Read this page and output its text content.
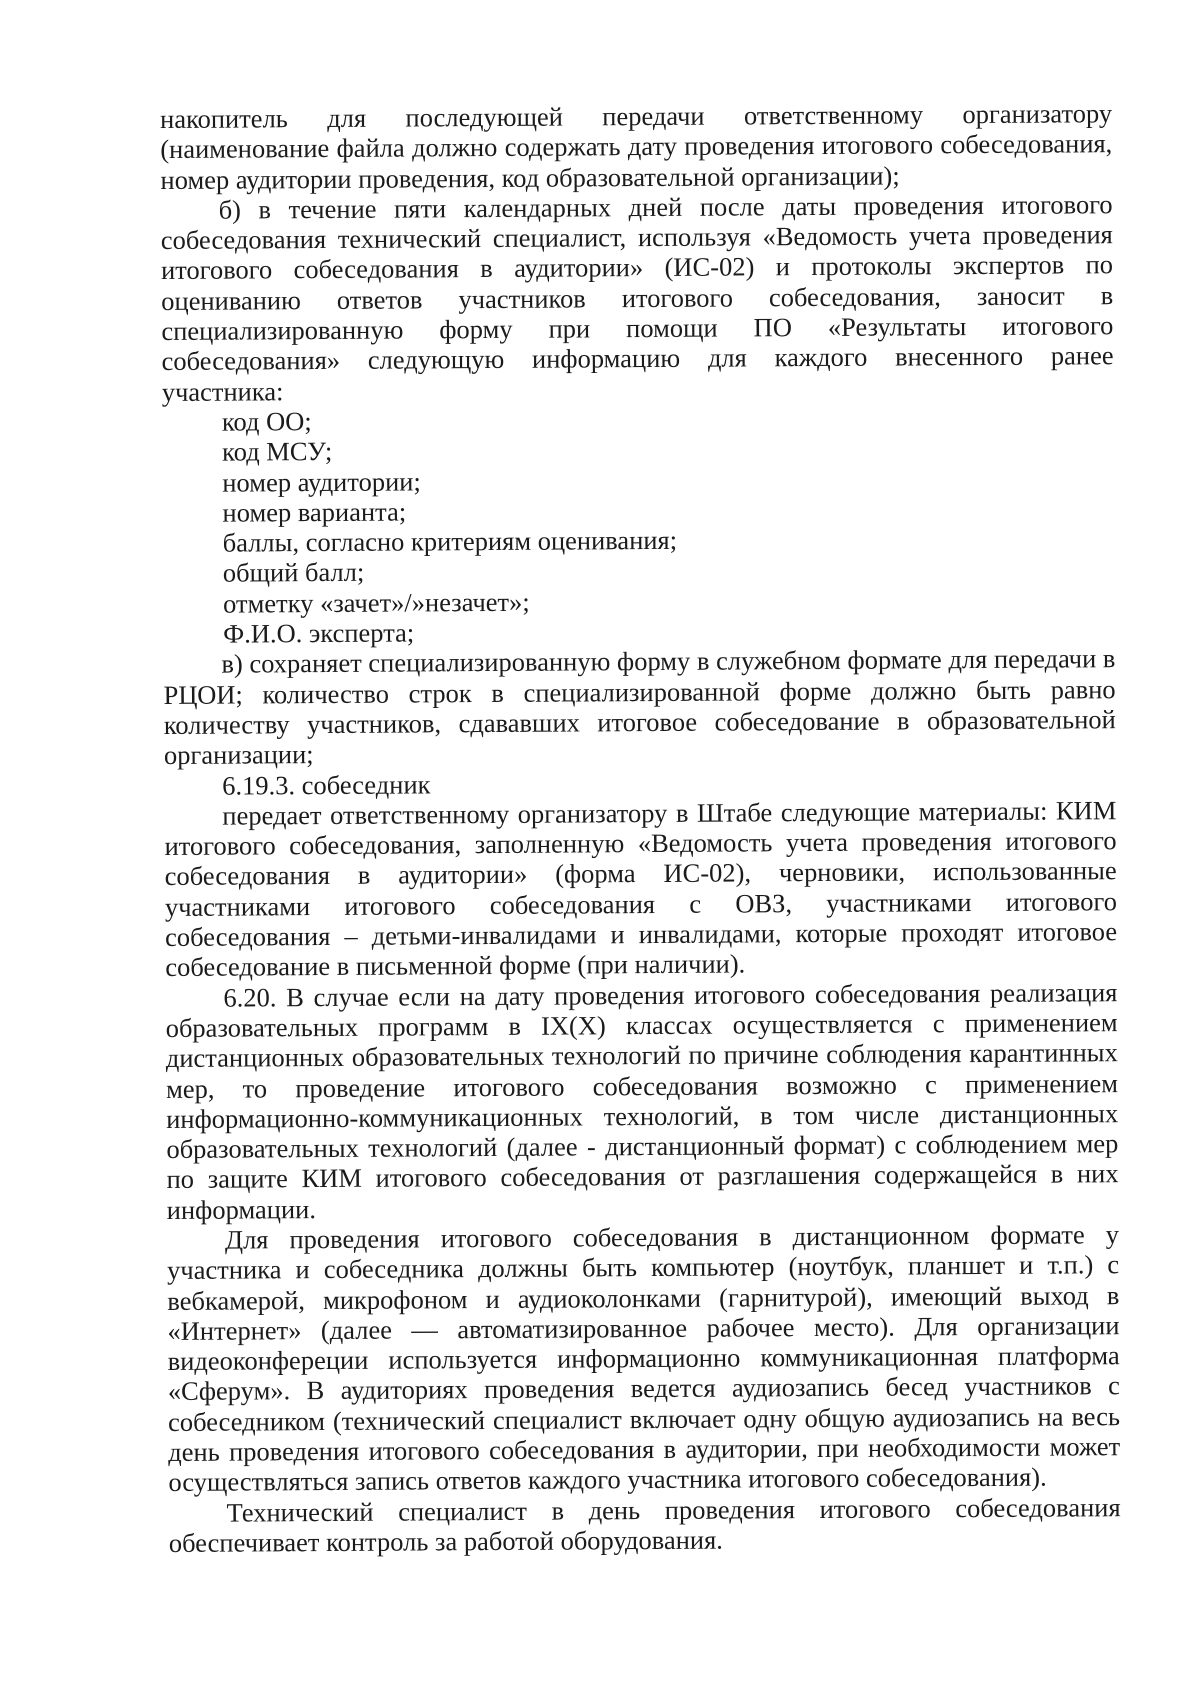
накопитель для последующей передачи ответственному организатору (наименование файла должно содержать дату проведения итогового собеседования, номер аудитории проведения, код образовательной организации);

б) в течение пяти календарных дней после даты проведения итогового собеседования технический специалист, используя «Ведомость учета проведения итогового собеседования в аудитории» (ИС-02) и протоколы экспертов по оцениванию ответов участников итогового собеседования, заносит в специализированную форму при помощи ПО «Результаты итогового собеседования» следующую информацию для каждого внесенного ранее участника:

код ОО;

код МСУ;

номер аудитории;

номер варианта;

баллы, согласно критериям оценивания;

общий балл;

отметку «зачет»/»незачет»;

Ф.И.О. эксперта;

в) сохраняет специализированную форму в служебном формате для передачи в РЦОИ; количество строк в специализированной форме должно быть равно количеству участников, сдававших итоговое собеседование в образовательной организации;

6.19.3. собеседник

передает ответственному организатору в Штабе следующие материалы: КИМ итогового собеседования, заполненную «Ведомость учета проведения итогового собеседования в аудитории» (форма ИС-02), черновики, использованные участниками итогового собеседования с ОВЗ, участниками итогового собеседования – детьми-инвалидами и инвалидами, которые проходят итоговое собеседование в письменной форме (при наличии).

6.20. В случае если на дату проведения итогового собеседования реализация образовательных программ в IX(X) классах осуществляется с применением дистанционных образовательных технологий по причине соблюдения карантинных мер, то проведение итогового собеседования возможно с применением информационно-коммуникационных технологий, в том числе дистанционных образовательных технологий (далее - дистанционный формат) с соблюдением мер по защите КИМ итогового собеседования от разглашения содержащейся в них информации.

Для проведения итогового собеседования в дистанционном формате у участника и собеседника должны быть компьютер (ноутбук, планшет и т.п.) с вебкамерой, микрофоном и аудиоколонками (гарнитурой), имеющий выход в «Интернет» (далее — автоматизированное рабочее место). Для организации видеоконфереции используется информационно коммуникационная платформа «Сферум». В аудиториях проведения ведется аудиозапись бесед участников с собеседником (технический специалист включает одну общую аудиозапись на весь день проведения итогового собеседования в аудитории, при необходимости может осуществляться запись ответов каждого участника итогового собеседования).

Технический специалист в день проведения итогового собеседования обеспечивает контроль за работой оборудования.
